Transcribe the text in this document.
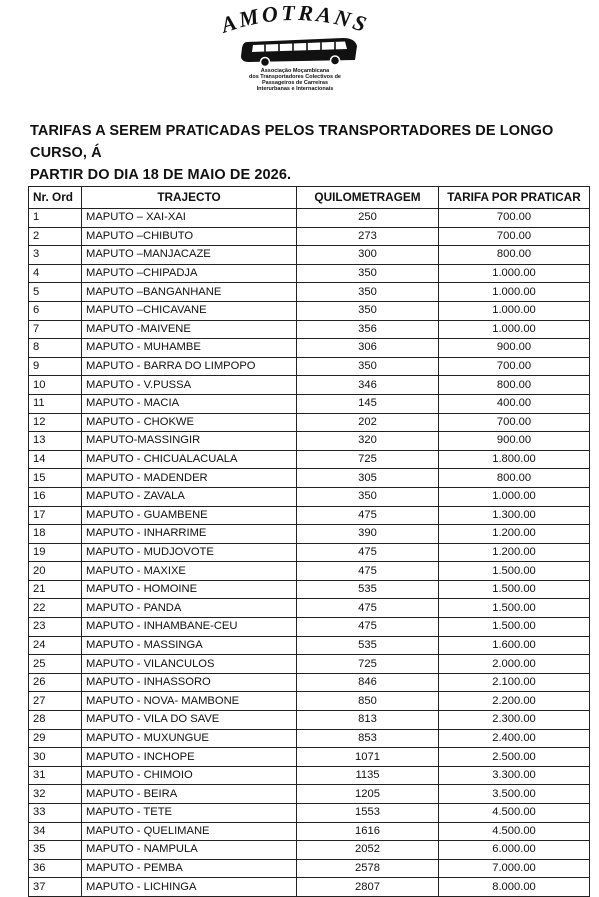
AMOTRANS
Associação Moçambicana
dos Transportadores Colectivos de
Passageiros de Carreiras
Interurbanas e Internacionais
TARIFAS A SEREM PRATICADAS PELOS TRANSPORTADORES DE LONGO CURSO, Á
PARTIR DO DIA 18 DE MAIO DE 2026.
Nr. Ord	TRAJECTO	QUILOMETRAGEM	TARIFA POR PRATICAR
1	MAPUTO – XAI-XAI	250	700.00
2	MAPUTO –CHIBUTO	273	700.00
3	MAPUTO –MANJACAZE	300	800.00
4	MAPUTO –CHIPADJA	350	1.000.00
5	MAPUTO –BANGANHANE	350	1.000.00
6	MAPUTO –CHICAVANE	350	1.000.00
7	MAPUTO -MAIVENE	356	1.000.00
8	MAPUTO - MUHAMBE	306	900.00
9	MAPUTO - BARRA DO LIMPOPO	350	700.00
10	MAPUTO - V.PUSSA	346	800.00
11	MAPUTO - MACIA	145	400.00
12	MAPUTO - CHOKWE	202	700.00
13	MAPUTO-MASSINGIR	320	900.00
14	MAPUTO - CHICUALACUALA	725	1.800.00
15	MAPUTO - MADENDER	305	800.00
16	MAPUTO - ZAVALA	350	1.000.00
17	MAPUTO - GUAMBENE	475	1.300.00
18	MAPUTO - INHARRIME	390	1.200.00
19	MAPUTO - MUDJOVOTE	475	1.200.00
20	MAPUTO - MAXIXE	475	1.500.00
21	MAPUTO - HOMOINE	535	1.500.00
22	MAPUTO - PANDA	475	1.500.00
23	MAPUTO - INHAMBANE-CEU	475	1.500.00
24	MAPUTO - MASSINGA	535	1.600.00
25	MAPUTO - VILANCULOS	725	2.000.00
26	MAPUTO - INHASSORO	846	2.100.00
27	MAPUTO - NOVA- MAMBONE	850	2.200.00
28	MAPUTO - VILA DO SAVE	813	2.300.00
29	MAPUTO - MUXUNGUE	853	2.400.00
30	MAPUTO - INCHOPE	1071	2.500.00
31	MAPUTO - CHIMOIO	1135	3.300.00
32	MAPUTO - BEIRA	1205	3.500.00
33	MAPUTO - TETE	1553	4.500.00
34	MAPUTO - QUELIMANE	1616	4.500.00
35	MAPUTO - NAMPULA	2052	6.000.00
36	MAPUTO - PEMBA	2578	7.000.00
37	MAPUTO - LICHINGA	2807	8.000.00
